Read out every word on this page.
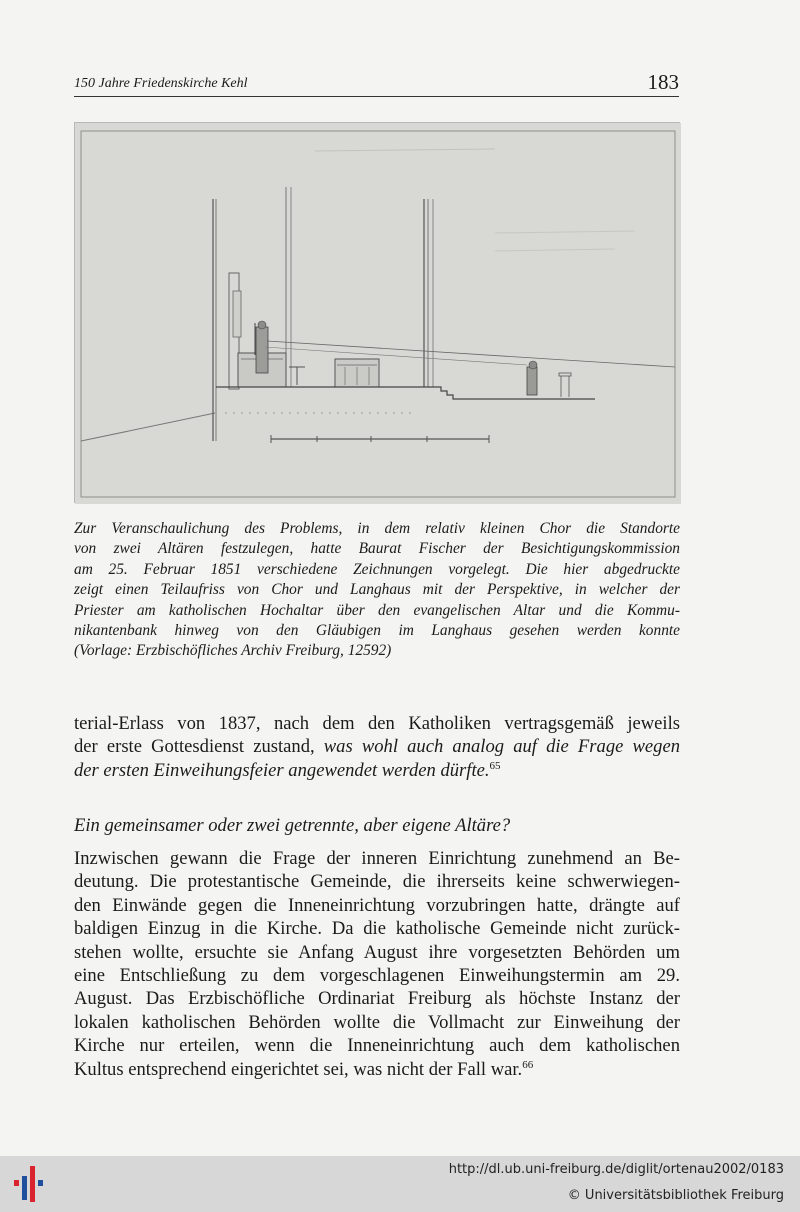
150 Jahre Friedenskirche Kehl	183
Zur Veranschaulichung des Problems, in dem relativ kleinen Chor die Standorte
von zwei Altären festzulegen, hatte Baurat Fischer der Besichtigungskommission
am 25. Februar 1851 verschiedene Zeichnungen vorgelegt. Die hier abgedruckte
zeigt einen Teilaufriss von Chor und Langhaus mit der Perspektive, in welcher der
Priester am katholischen Hochaltar über den evangelischen Altar und die Kommu-
nikantenbank hinweg von den Gläubigen im Langhaus gesehen werden konnte
(Vorlage: Erzbischöfliches Archiv Freiburg, 12592)
terial-Erlass von 1837, nach dem den Katholiken vertragsgemäß jeweils
der erste Gottesdienst zustand, was wohl auch analog auf die Frage wegen
der ersten Einweihungsfeier angewendet werden dürfte.$^{65}$
Ein gemeinsamer oder zwei getrennte, aber eigene Altäre?
Inzwischen gewann die Frage der inneren Einrichtung zunehmend an Be-
deutung. Die protestantische Gemeinde, die ihrerseits keine schwerwiegen-
den Einwände gegen die Inneneinrichtung vorzubringen hatte, drängte auf
baldigen Einzug in die Kirche. Da die katholische Gemeinde nicht zurück-
stehen wollte, ersuchte sie Anfang August ihre vorgesetzten Behörden um
eine Entschließung zu dem vorgeschlagenen Einweihungstermin am 29.
August. Das Erzbischöfliche Ordinariat Freiburg als höchste Instanz der
lokalen katholischen Behörden wollte die Vollmacht zur Einweihung der
Kirche nur erteilen, wenn die Inneneinrichtung auch dem katholischen
Kultus entsprechend eingerichtet sei, was nicht der Fall war.$^{66}$
http://dl.ub.uni-freiburg.de/diglit/ortenau2002/0183
© Universitätsbibliothek Freiburg
